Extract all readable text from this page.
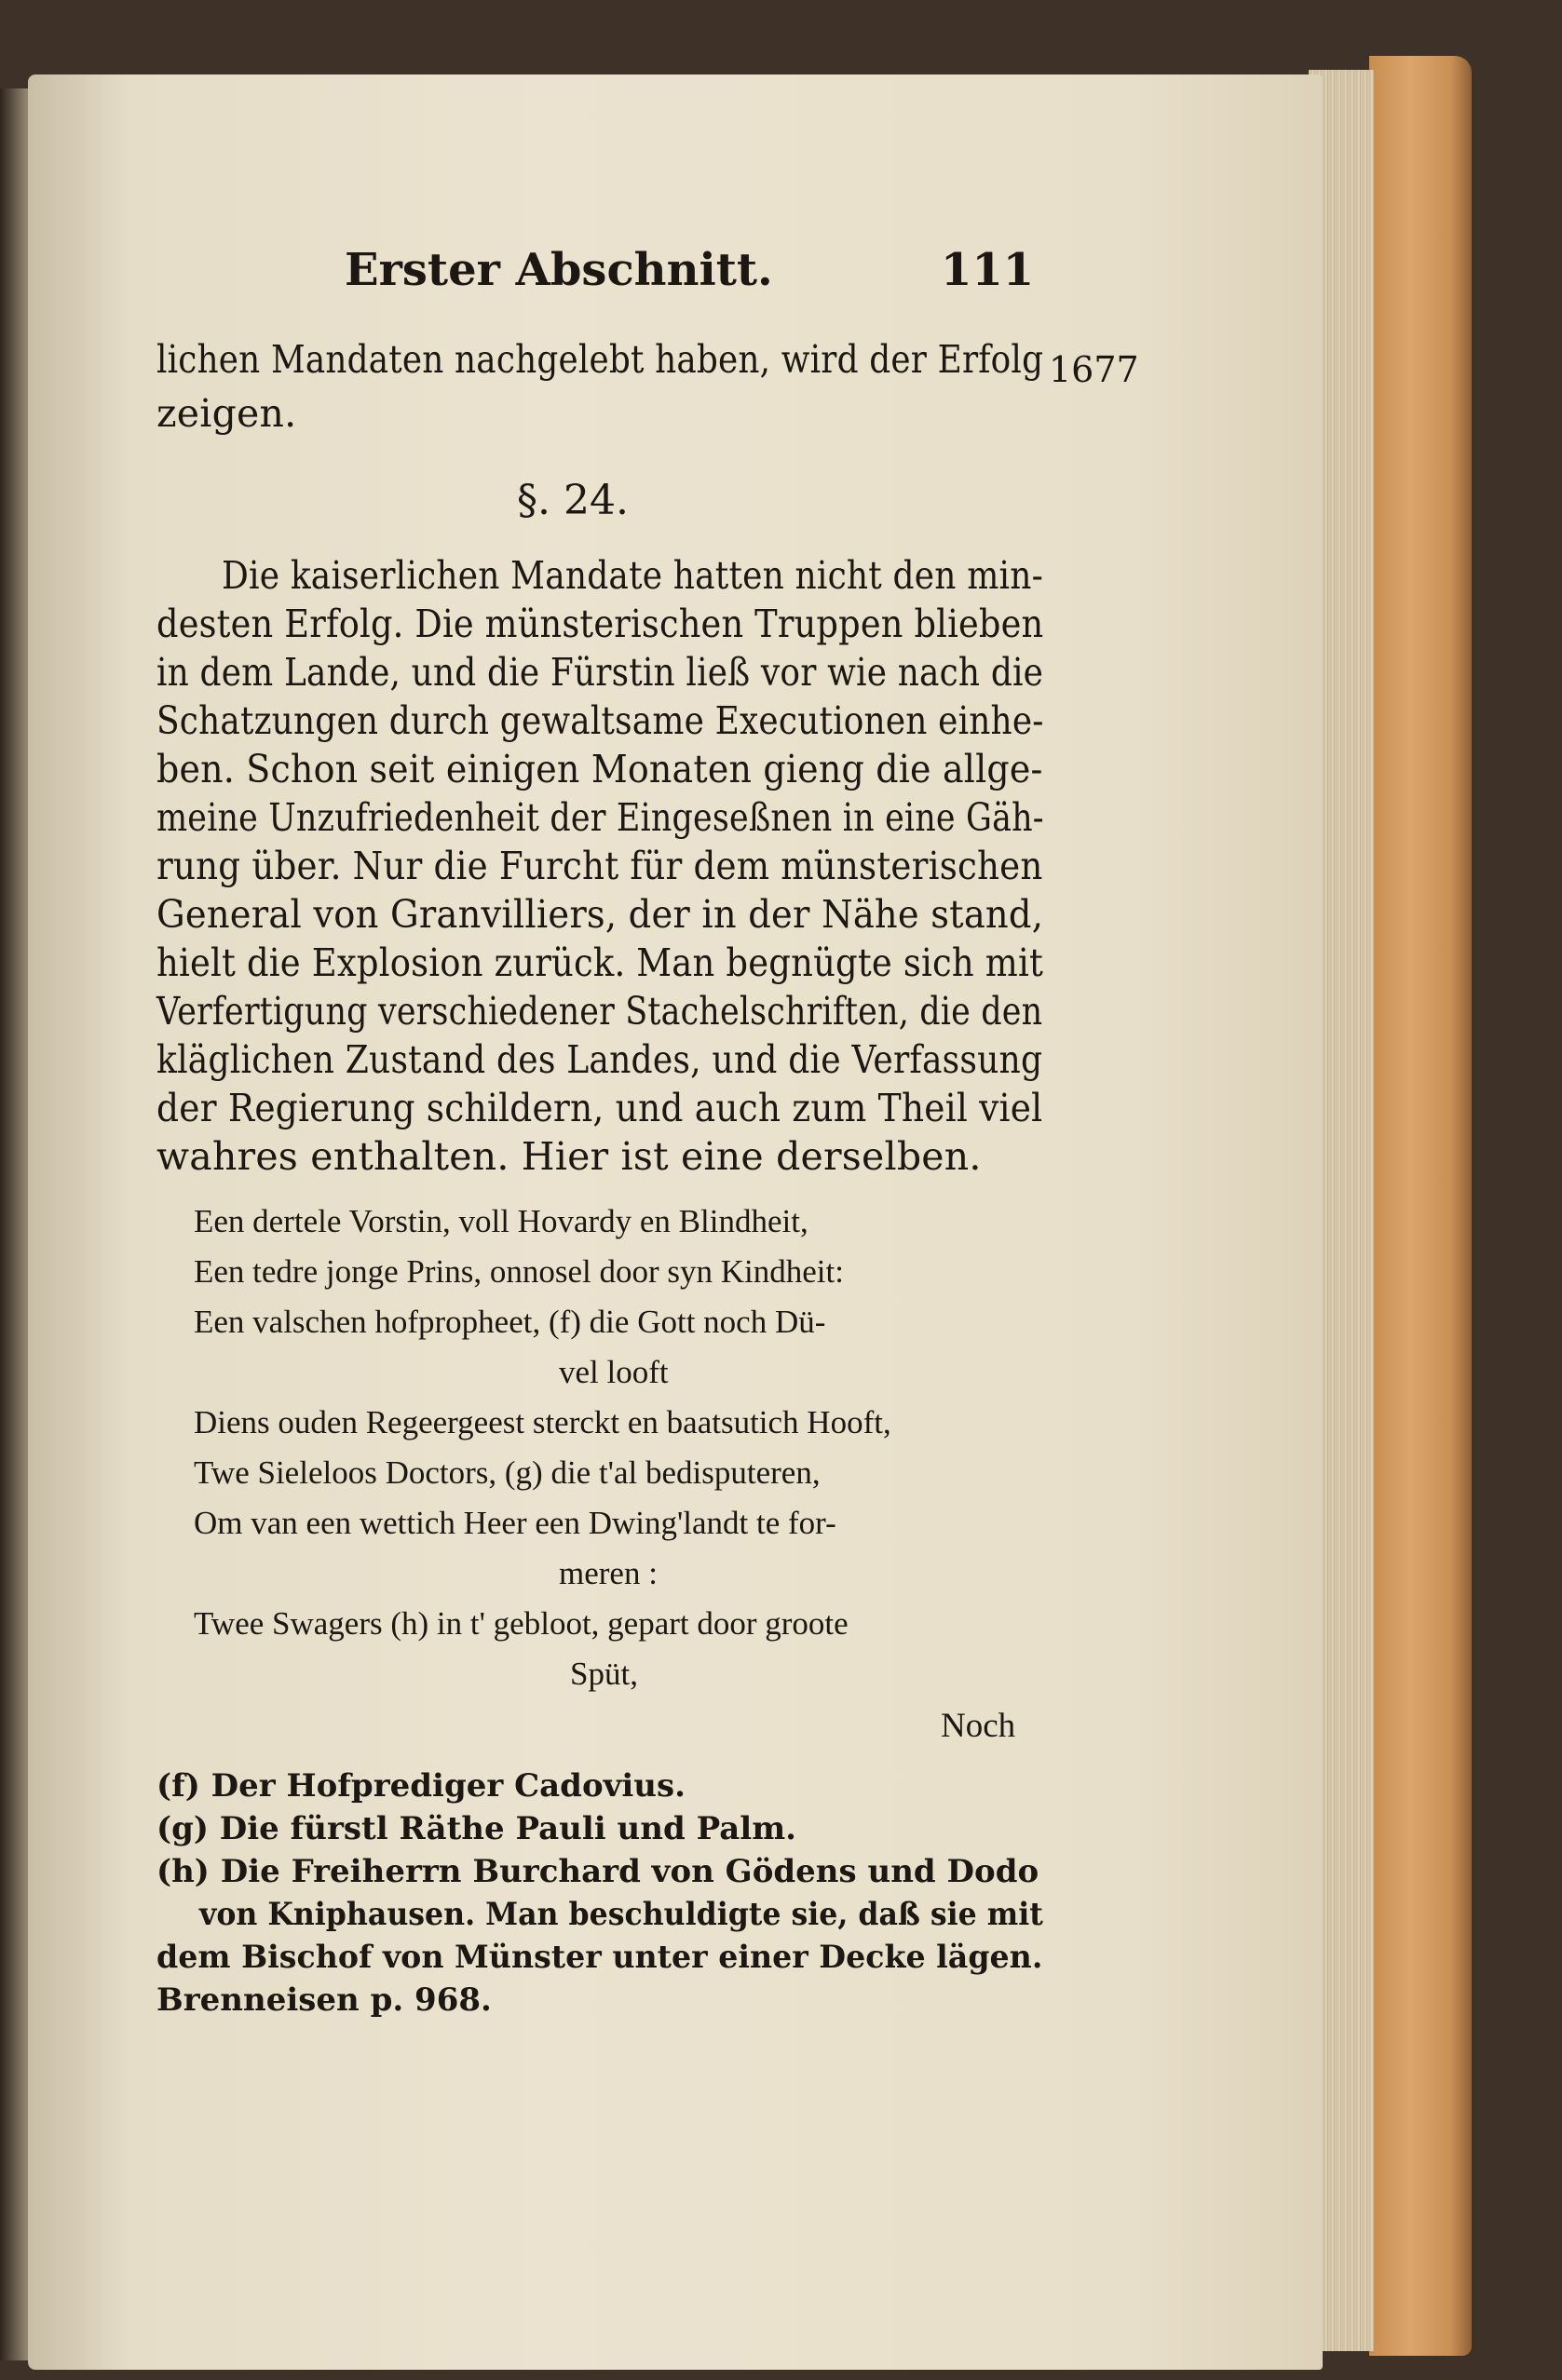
Erster Abschnitt.	111
lichen Mandaten nachgelebt haben, wird der Erfolg 1677
zeigen.
§. 24.
Die kaiserlichen Mandate hatten nicht den min-
desten Erfolg. Die münsterischen Truppen blieben
in dem Lande, und die Fürstin ließ vor wie nach die
Schatzungen durch gewaltsame Executionen einhe-
ben. Schon seit einigen Monaten gieng die allge-
meine Unzufriedenheit der Eingeseßnen in eine Gäh-
rung über. Nur die Furcht für dem münsterischen
General von Granvilliers, der in der Nähe stand,
hielt die Explosion zurück. Man begnügte sich mit
Verfertigung verschiedener Stachelschriften, die den
kläglichen Zustand des Landes, und die Verfassung
der Regierung schildern, und auch zum Theil viel
wahres enthalten. Hier ist eine derselben.
Een dertele Vorstin, voll Hovardy en Blindheit,
Een tedre jonge Prins, onnosel door syn Kindheit:
Een valschen hofpropheet, (f) die Gott noch Dü-
vel looft
Diens ouden Regeergeest sterckt en baatsutich Hooft,
Twe Sieleloos Doctors, (g) die t'al bedisputeren,
Om van een wettich Heer een Dwing'landt te for-
meren :
Twee Swagers (h) in t' gebloot, gepart door groote
Spüt,
Noch
(f) Der Hofprediger Cadovius.
(g) Die fürstl Räthe Pauli und Palm.
(h) Die Freiherrn Burchard von Gödens und Dodo
von Kniphausen. Man beschuldigte sie, daß sie mit
dem Bischof von Münster unter einer Decke lägen.
Brenneisen p. 968.
